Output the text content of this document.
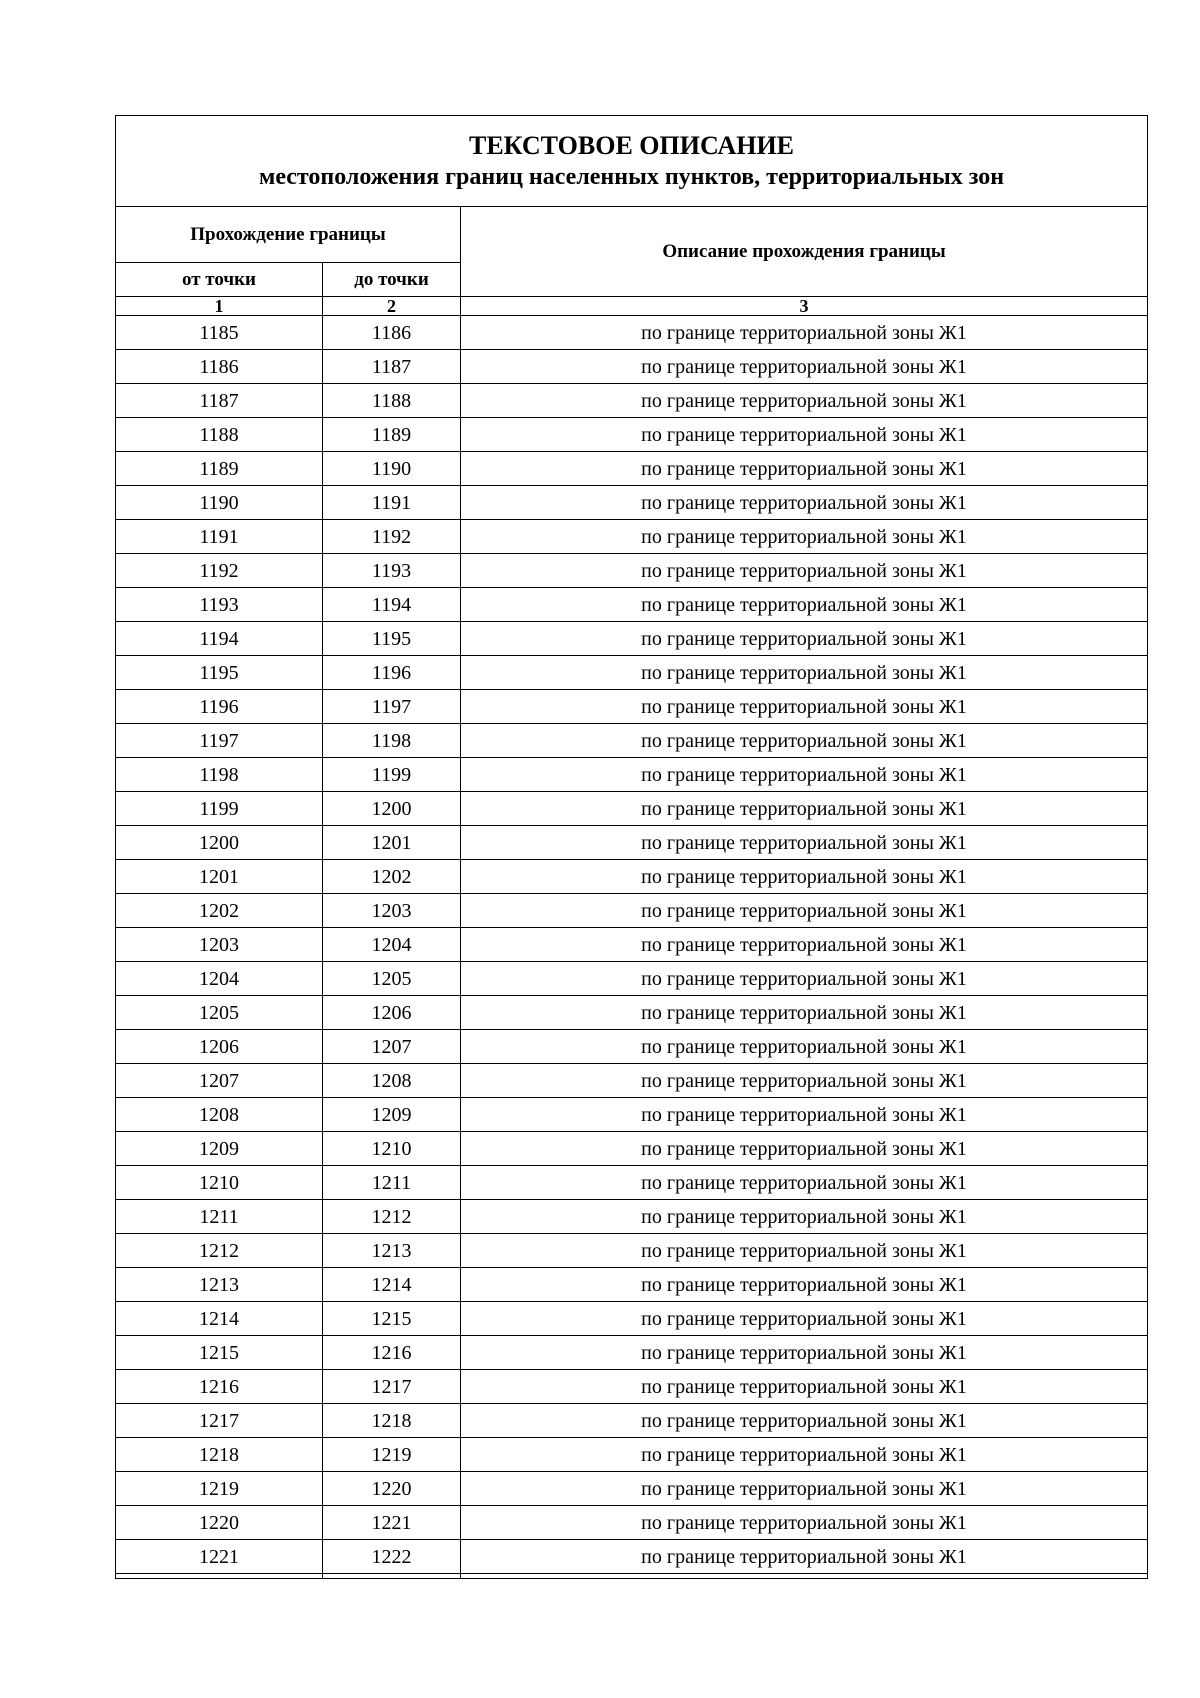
ТЕКСТОВОЕ ОПИСАНИЕ
местоположения границ населенных пунктов, территориальных зон		

Прохождение границы		Описание прохождения границы
от точки	до точки	
1	2	3
1185	1186	по границе территориальной зоны Ж1
1186	1187	по границе территориальной зоны Ж1
1187	1188	по границе территориальной зоны Ж1
1188	1189	по границе территориальной зоны Ж1
1189	1190	по границе территориальной зоны Ж1
1190	1191	по границе территориальной зоны Ж1
1191	1192	по границе территориальной зоны Ж1
1192	1193	по границе территориальной зоны Ж1
1193	1194	по границе территориальной зоны Ж1
1194	1195	по границе территориальной зоны Ж1
1195	1196	по границе территориальной зоны Ж1
1196	1197	по границе территориальной зоны Ж1
1197	1198	по границе территориальной зоны Ж1
1198	1199	по границе территориальной зоны Ж1
1199	1200	по границе территориальной зоны Ж1
1200	1201	по границе территориальной зоны Ж1
1201	1202	по границе территориальной зоны Ж1
1202	1203	по границе территориальной зоны Ж1
1203	1204	по границе территориальной зоны Ж1
1204	1205	по границе территориальной зоны Ж1
1205	1206	по границе территориальной зоны Ж1
1206	1207	по границе территориальной зоны Ж1
1207	1208	по границе территориальной зоны Ж1
1208	1209	по границе территориальной зоны Ж1
1209	1210	по границе территориальной зоны Ж1
1210	1211	по границе территориальной зоны Ж1
1211	1212	по границе территориальной зоны Ж1
1212	1213	по границе территориальной зоны Ж1
1213	1214	по границе территориальной зоны Ж1
1214	1215	по границе территориальной зоны Ж1
1215	1216	по границе территориальной зоны Ж1
1216	1217	по границе территориальной зоны Ж1
1217	1218	по границе территориальной зоны Ж1
1218	1219	по границе территориальной зоны Ж1
1219	1220	по границе территориальной зоны Ж1
1220	1221	по границе территориальной зоны Ж1
1221	1222	по границе территориальной зоны Ж1
